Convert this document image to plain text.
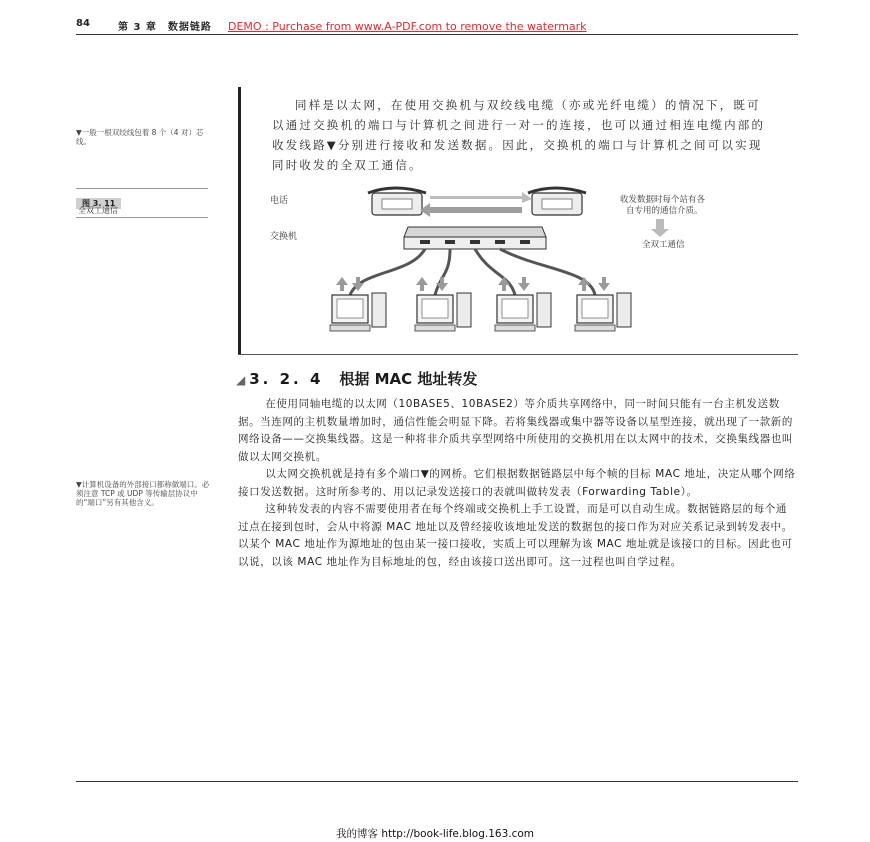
84	第 3 章　数据链路 DEMO : Purchase from www.A-PDF.com to remove the watermark

同样是以太网，在使用交换机与双绞线电缆（亦或光纤电缆）的情况下，既可以通过交换机的端口与计算机之间进行一对一的连接，也可以通过相连电缆内部的收发线路▼分别进行接收和发送数据。因此，交换机的端口与计算机之间可以实现同时收发的全双工通信。

▼一般一根双绞线包着 8 个（4 对）芯线。
图 3. 11
全双工通信
电话
交换机
收发数据时每个站有各
自专用的通信介质。
全双工通信
◢ 3. 2. 4 根据 MAC 地址转发
▼计算机设备的外部接口都称做端口。必须注意 TCP 或 UDP 等传输层协议中的“端口”另有其他含义。

在使用同轴电缆的以太网（10BASE5、10BASE2）等介质共享网络中，同一时间只能有一台主机发送数据。当连网的主机数量增加时，通信性能会明显下降。若将集线器或集中器等设备以星型连接，就出现了一款新的网络设备——交换集线器。这是一种将非介质共享型网络中所使用的交换机用在以太网中的技术，交换集线器也叫做以太网交换机。

以太网交换机就是持有多个端口▼的网桥。它们根据数据链路层中每个帧的目标 MAC 地址，决定从哪个网络接口发送数据。这时所参考的、用以记录发送接口的表就叫做转发表（Forwarding Table）。

这种转发表的内容不需要使用者在每个终端或交换机上手工设置，而是可以自动生成。数据链路层的每个通过点在接到包时，会从中将源 MAC 地址以及曾经接收该地址发送的数据包的接口作为对应关系记录到转发表中。以某个 MAC 地址作为源地址的包由某一接口接收，实质上可以理解为该 MAC 地址就是该接口的目标。因此也可以说，以该 MAC 地址作为目标地址的包，经由该接口送出即可。这一过程也叫自学过程。

我的博客 http://book-life.blog.163.com
